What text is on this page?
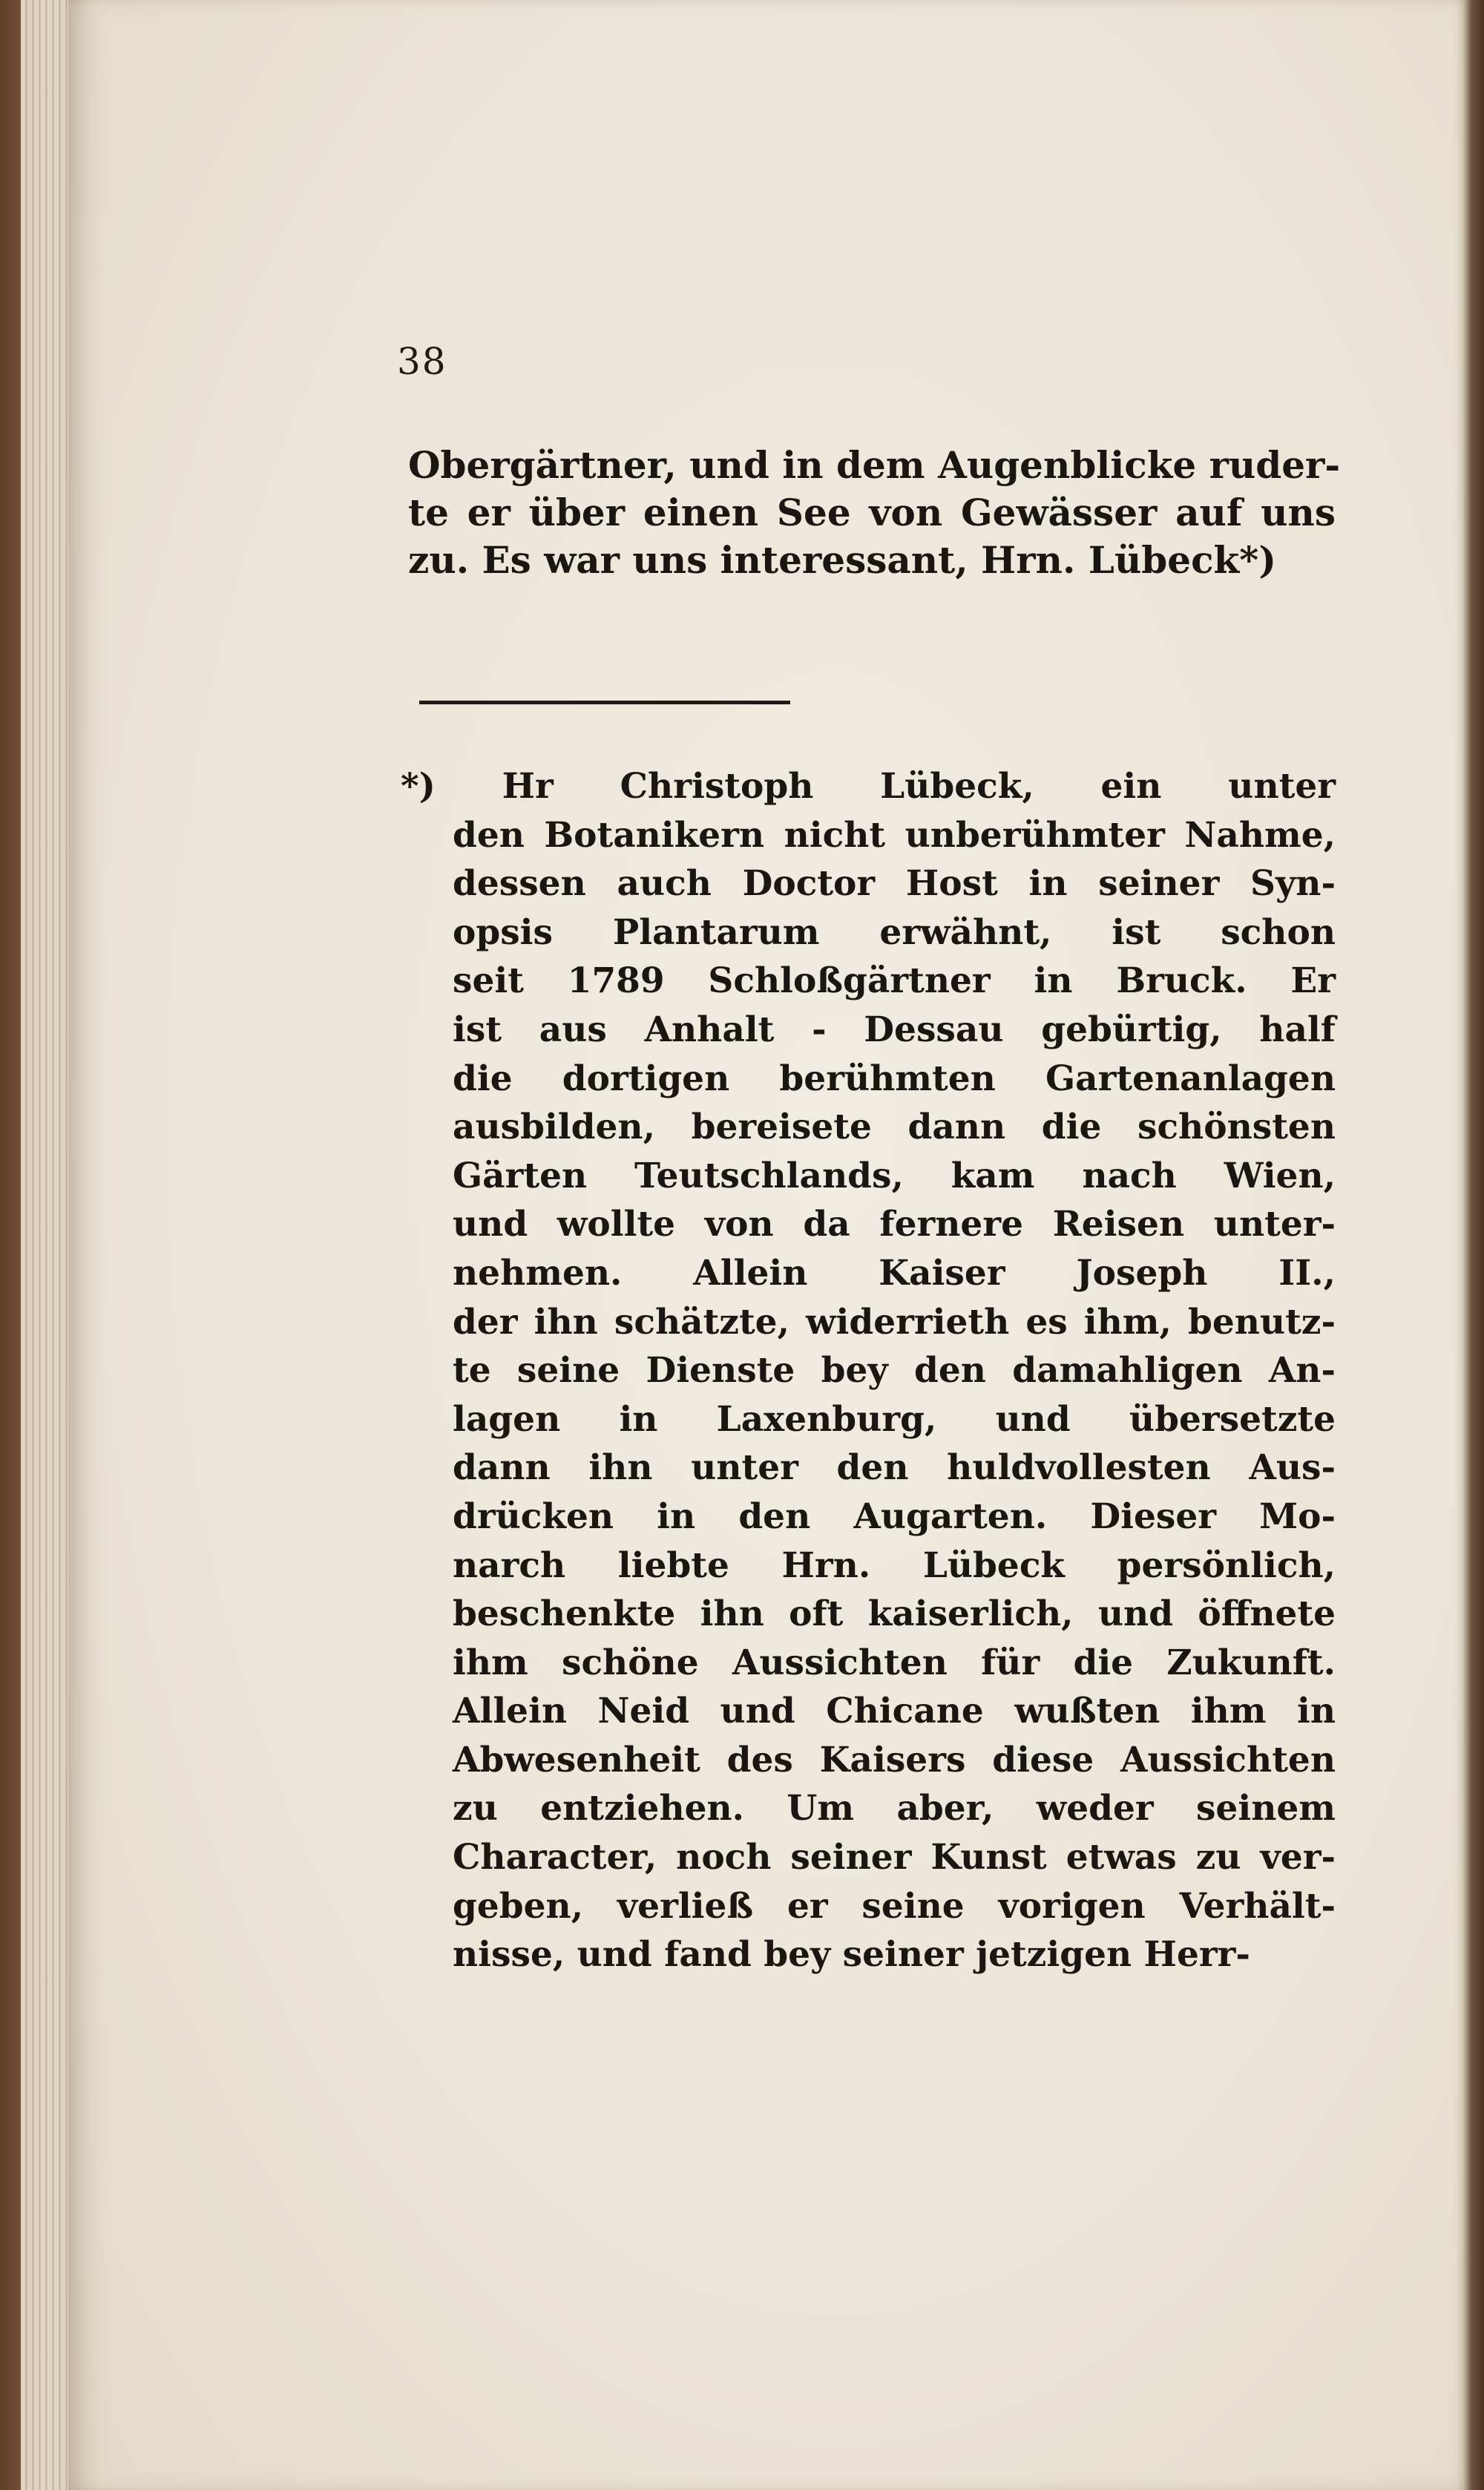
38
Obergärtner, und in dem Augenblicke ruder-
te er über einen See von Gewässer auf uns
zu. Es war uns interessant, Hrn. Lübeck*)
*) Hr Christoph Lübeck, ein unter
den Botanikern nicht unberühmter Nahme,
dessen auch Doctor Host in seiner Syn-
opsis Plantarum erwähnt, ist schon
seit 1789 Schloßgärtner in Bruck. Er
ist aus Anhalt - Dessau gebürtig, half
die dortigen berühmten Gartenanlagen
ausbilden, bereisete dann die schönsten
Gärten Teutschlands, kam nach Wien,
und wollte von da fernere Reisen unter-
nehmen. Allein Kaiser Joseph II.,
der ihn schätzte, widerrieth es ihm, benutz-
te seine Dienste bey den damahligen An-
lagen in Laxenburg, und übersetzte
dann ihn unter den huldvollesten Aus-
drücken in den Augarten. Dieser Mo-
narch liebte Hrn. Lübeck persönlich,
beschenkte ihn oft kaiserlich, und öffnete
ihm schöne Aussichten für die Zukunft.
Allein Neid und Chicane wußten ihm in
Abwesenheit des Kaisers diese Aussichten
zu entziehen. Um aber, weder seinem
Character, noch seiner Kunst etwas zu ver-
geben, verließ er seine vorigen Verhält-
nisse, und fand bey seiner jetzigen Herr-
